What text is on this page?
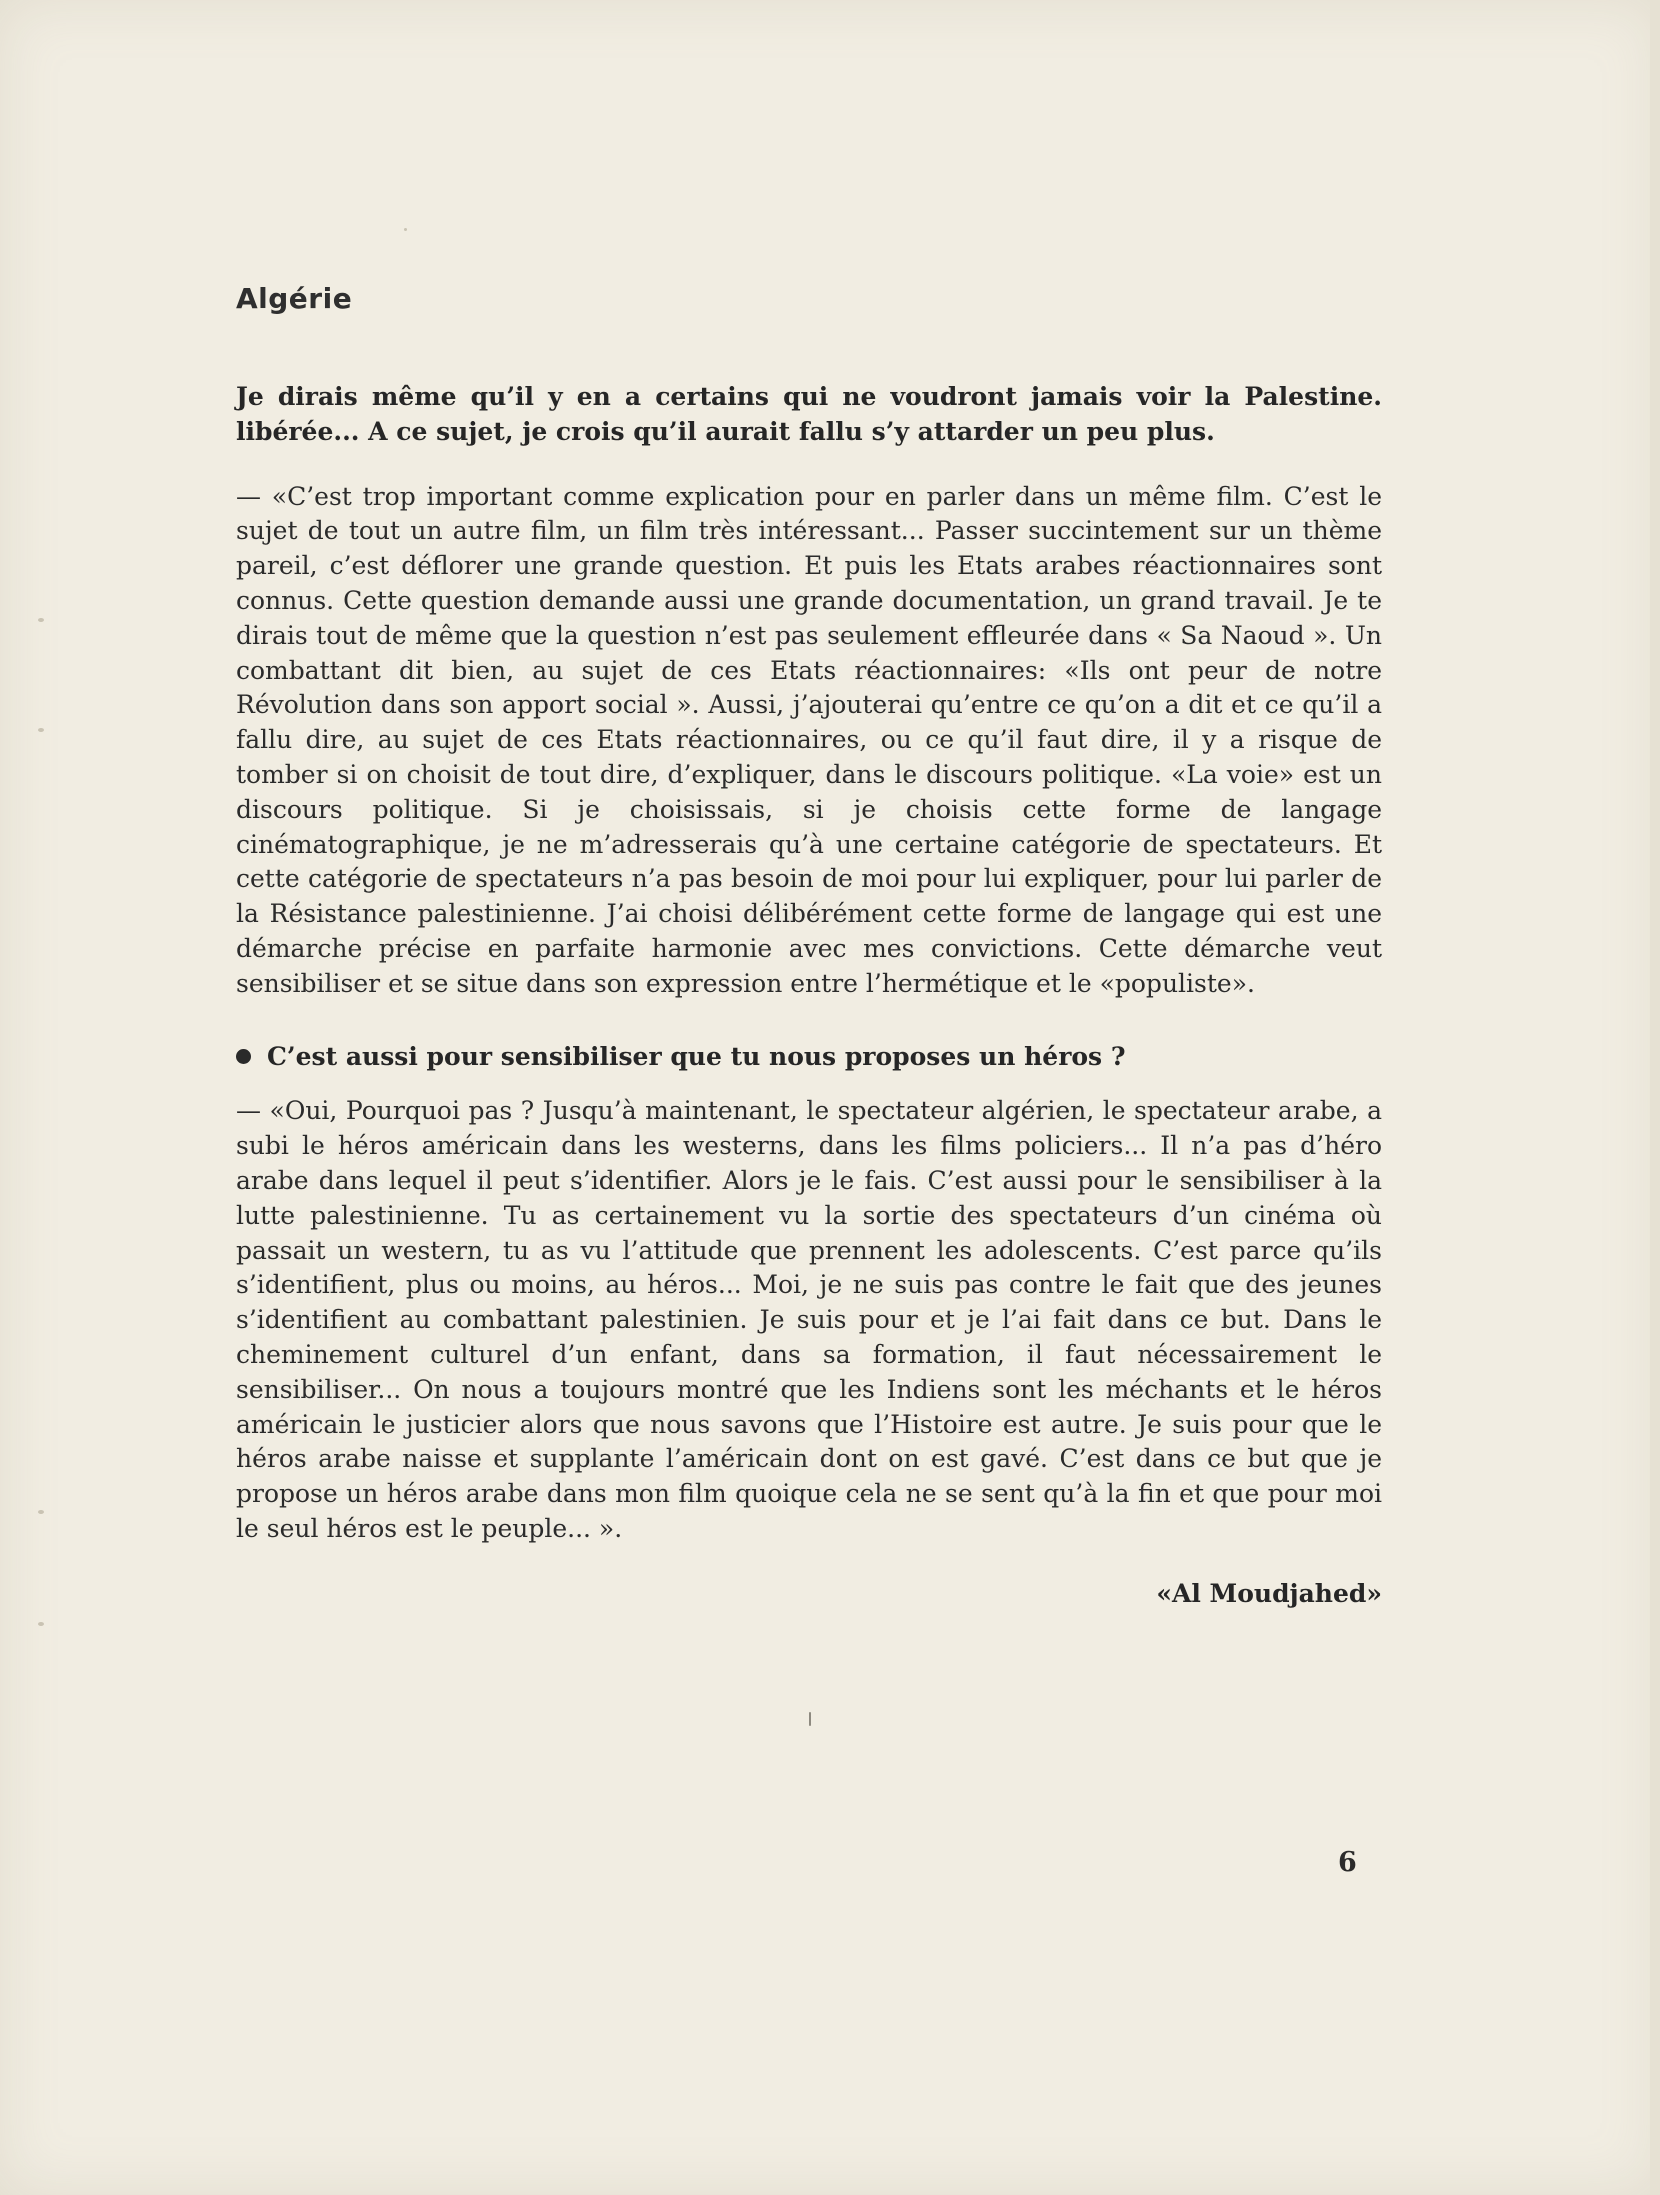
Algérie

Je dirais même qu’il y en a certains qui ne voudront jamais voir la Palestine. libérée... A ce sujet, je crois qu’il aurait fallu s’y attarder un peu plus.

— «C’est trop important comme explication pour en parler dans un même film. C’est le sujet de tout un autre film, un film très intéressant... Passer succintement sur un thème pareil, c’est déflorer une grande question. Et puis les Etats arabes réactionnaires sont connus. Cette question demande aussi une grande documentation, un grand travail. Je te dirais tout de même que la question n’est pas seulement effleurée dans « Sa Naoud ». Un combattant dit bien, au sujet de ces Etats réactionnaires: «Ils ont peur de notre Révolution dans son apport social ». Aussi, j’ajouterai qu’entre ce qu’on a dit et ce qu’il a fallu dire, au sujet de ces Etats réactionnaires, ou ce qu’il faut dire, il y a risque de tomber si on choisit de tout dire, d’expliquer, dans le discours politique. «La voie» est un discours politique. Si je choisissais, si je choisis cette forme de langage cinématographique, je ne m’adresserais qu’à une certaine catégorie de spectateurs. Et cette catégorie de spectateurs n’a pas besoin de moi pour lui expliquer, pour lui parler de la Résistance palestinienne. J’ai choisi délibérément cette forme de langage qui est une démarche précise en parfaite harmonie avec mes convictions. Cette démarche veut sensibiliser et se situe dans son expression entre l’hermétique et le «populiste».

C’est aussi pour sensibiliser que tu nous proposes un héros ?

— «Oui, Pourquoi pas ? Jusqu’à maintenant, le spectateur algérien, le spectateur arabe, a subi le héros américain dans les westerns, dans les films policiers... Il n’a pas d’héro arabe dans lequel il peut s’identifier. Alors je le fais. C’est aussi pour le sensibiliser à la lutte palestinienne. Tu as certainement vu la sortie des spectateurs d’un cinéma où passait un western, tu as vu l’attitude que prennent les adolescents. C’est parce qu’ils s’identifient, plus ou moins, au héros... Moi, je ne suis pas contre le fait que des jeunes s’identifient au combattant palestinien. Je suis pour et je l’ai fait dans ce but. Dans le cheminement culturel d’un enfant, dans sa formation, il faut nécessairement le sensibiliser... On nous a toujours montré que les Indiens sont les méchants et le héros américain le justicier alors que nous savons que l’Histoire est autre. Je suis pour que le héros arabe naisse et supplante l’américain dont on est gavé. C’est dans ce but que je propose un héros arabe dans mon film quoique cela ne se sent qu’à la fin et que pour moi le seul héros est le peuple... ».

«Al Moudjahed»

6
